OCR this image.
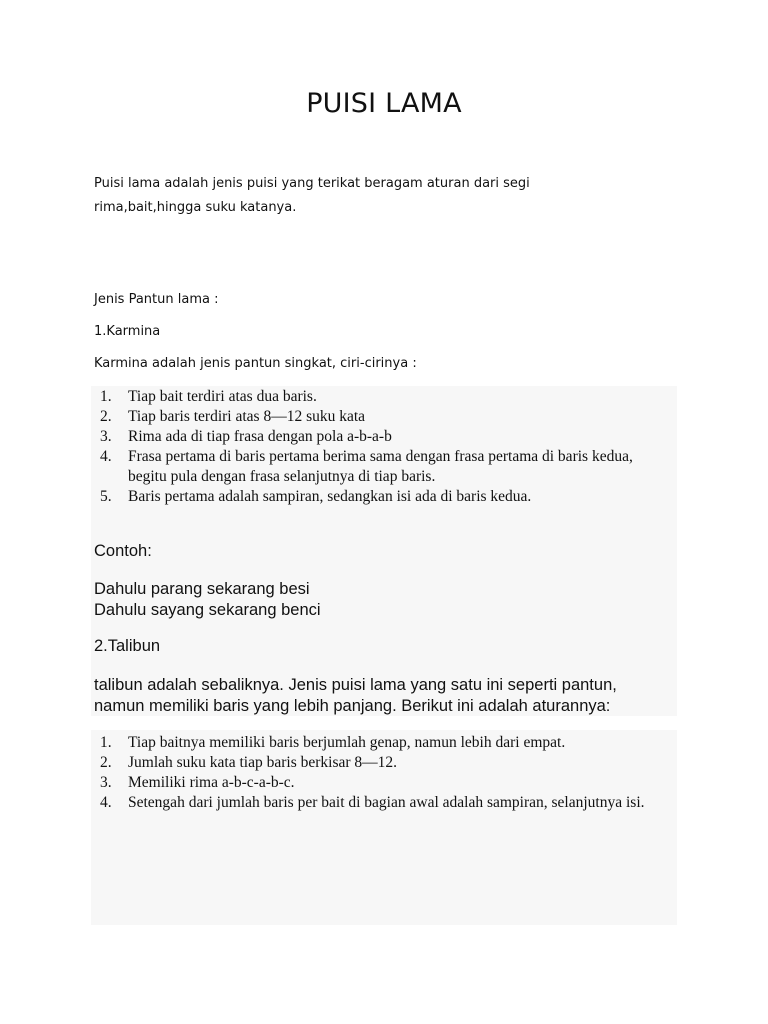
PUISI LAMA
Puisi lama adalah jenis puisi yang terikat beragam aturan dari segi
rima,bait,hingga suku katanya.
Jenis Pantun lama :
1.Karmina
Karmina adalah jenis pantun singkat, ciri-cirinya :
1. Tiap bait terdiri atas dua baris.
2. Tiap baris terdiri atas 8—12 suku kata
3. Rima ada di tiap frasa dengan pola a-b-a-b
4. Frasa pertama di baris pertama berima sama dengan frasa pertama di baris kedua, begitu pula dengan frasa selanjutnya di tiap baris.
5. Baris pertama adalah sampiran, sedangkan isi ada di baris kedua.
Contoh:
Dahulu parang sekarang besi
Dahulu sayang sekarang benci
2.Talibun
talibun adalah sebaliknya. Jenis puisi lama yang satu ini seperti pantun,
namun memiliki baris yang lebih panjang. Berikut ini adalah aturannya:
1. Tiap baitnya memiliki baris berjumlah genap, namun lebih dari empat.
2. Jumlah suku kata tiap baris berkisar 8—12.
3. Memiliki rima a-b-c-a-b-c.
4. Setengah dari jumlah baris per bait di bagian awal adalah sampiran, selanjutnya isi.
